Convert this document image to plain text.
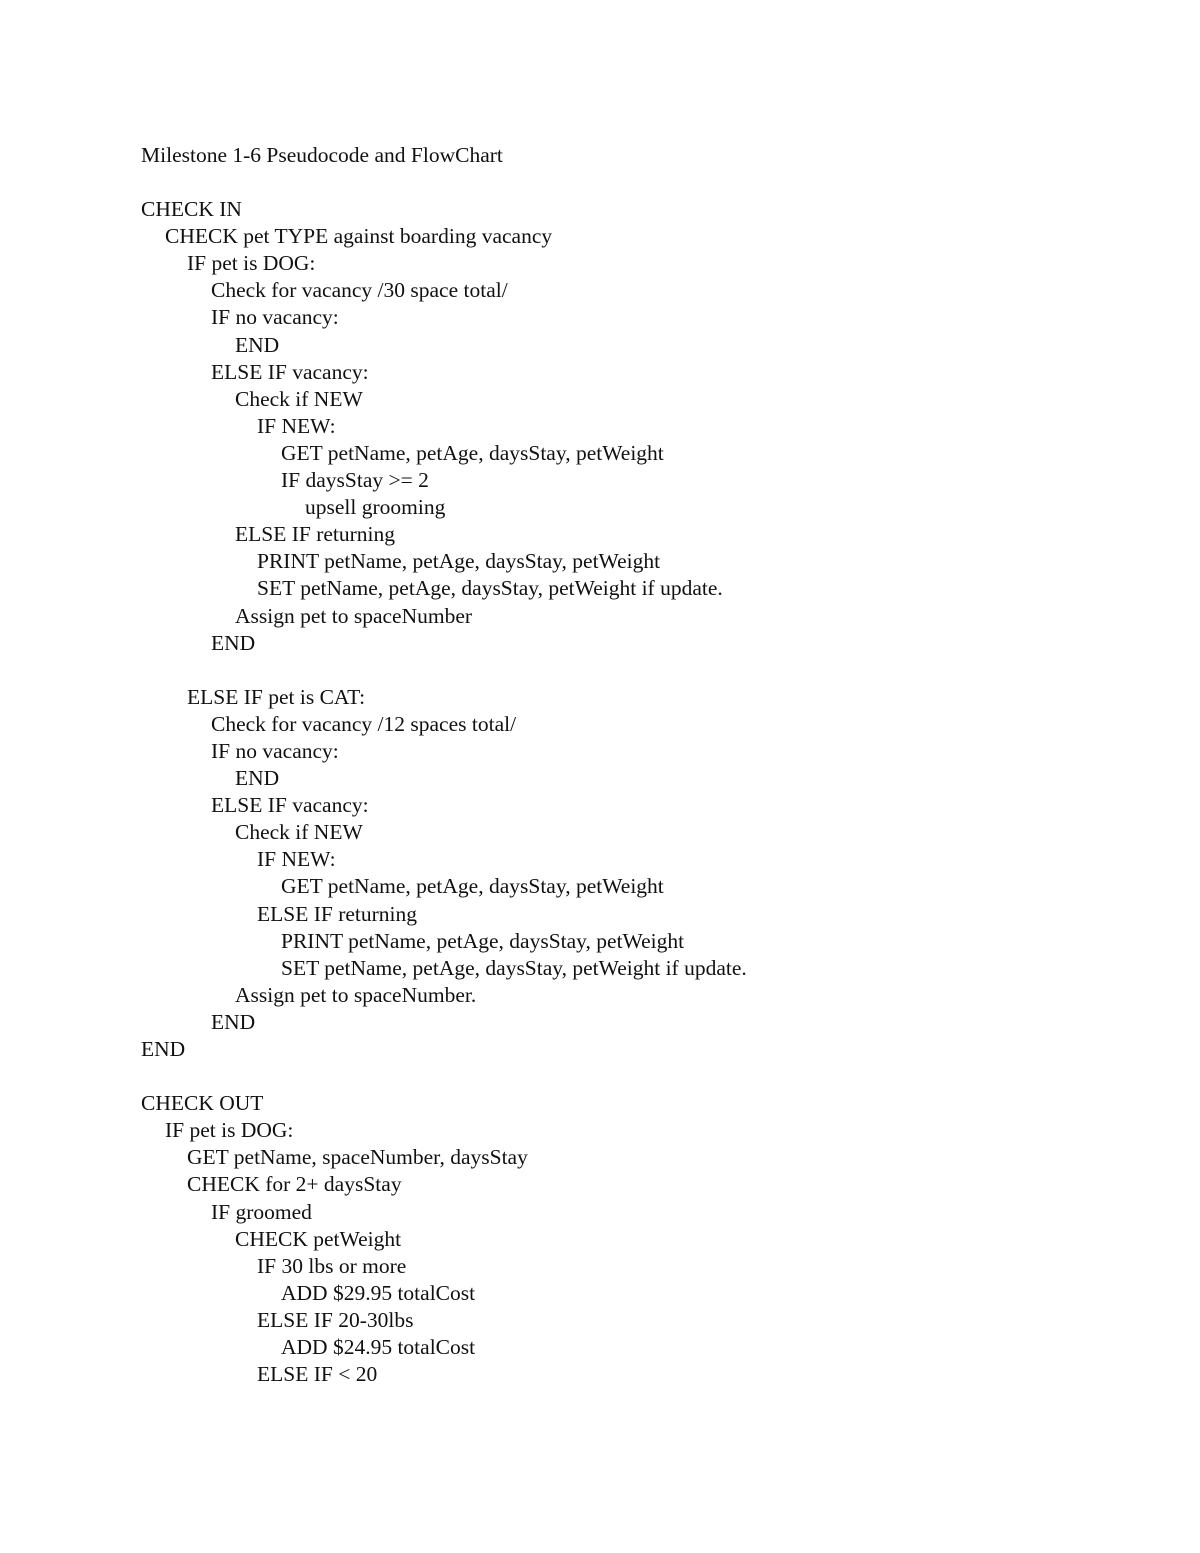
Milestone 1-6 Pseudocode and FlowChart
CHECK IN
CHECK pet TYPE against boarding vacancy
IF pet is DOG:
Check for vacancy /30 space total/
IF no vacancy:
END
ELSE IF vacancy:
Check if NEW
IF NEW:
GET petName, petAge, daysStay, petWeight
IF daysStay >= 2
upsell grooming
ELSE IF returning
PRINT petName, petAge, daysStay, petWeight
SET petName, petAge, daysStay, petWeight if update.
Assign pet to spaceNumber
END
ELSE IF pet is CAT:
Check for vacancy /12 spaces total/
IF no vacancy:
END
ELSE IF vacancy:
Check if NEW
IF NEW:
GET petName, petAge, daysStay, petWeight
ELSE IF returning
PRINT petName, petAge, daysStay, petWeight
SET petName, petAge, daysStay, petWeight if update.
Assign pet to spaceNumber.
END
END
CHECK OUT
IF pet is DOG:
GET petName, spaceNumber, daysStay
CHECK for 2+ daysStay
IF groomed
CHECK petWeight
IF 30 lbs or more
ADD $29.95 totalCost
ELSE IF 20-30lbs
ADD $24.95 totalCost
ELSE IF < 20
